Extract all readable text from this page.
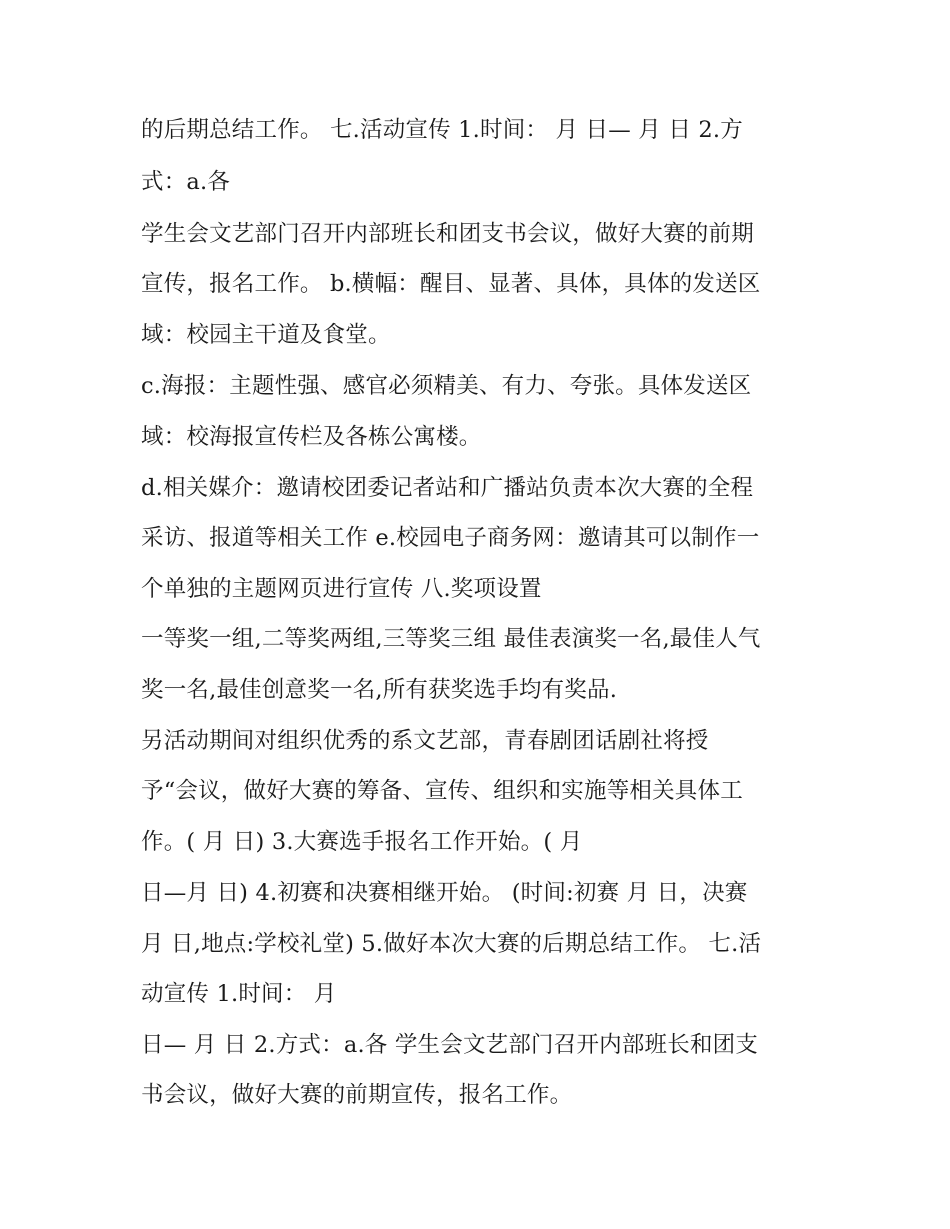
的后期总结工作。 七.活动宣传 1.时间： 月 日— 月 日 2.方
式：a.各
学生会文艺部门召开内部班长和团支书会议，做好大赛的前期
宣传，报名工作。 b.横幅：醒目、显著、具体，具体的发送区
域：校园主干道及食堂。
c.海报：主题性强、感官必须精美、有力、夸张。具体发送区
域：校海报宣传栏及各栋公寓楼。
d.相关媒介：邀请校团委记者站和广播站负责本次大赛的全程
采访、报道等相关工作 e.校园电子商务网：邀请其可以制作一
个单独的主题网页进行宣传 八.奖项设置
一等奖一组,二等奖两组,三等奖三组 最佳表演奖一名,最佳人气
奖一名,最佳创意奖一名,所有获奖选手均有奖品.
另活动期间对组织优秀的系文艺部，青春剧团话剧社将授
予“会议，做好大赛的筹备、宣传、组织和实施等相关具体工
作。( 月 日) 3.大赛选手报名工作开始。( 月
日—月 日) 4.初赛和决赛相继开始。 (时间:初赛 月 日，决赛
月 日,地点:学校礼堂) 5.做好本次大赛的后期总结工作。 七.活
动宣传 1.时间： 月
日— 月 日 2.方式：a.各 学生会文艺部门召开内部班长和团支
书会议，做好大赛的前期宣传，报名工作。
